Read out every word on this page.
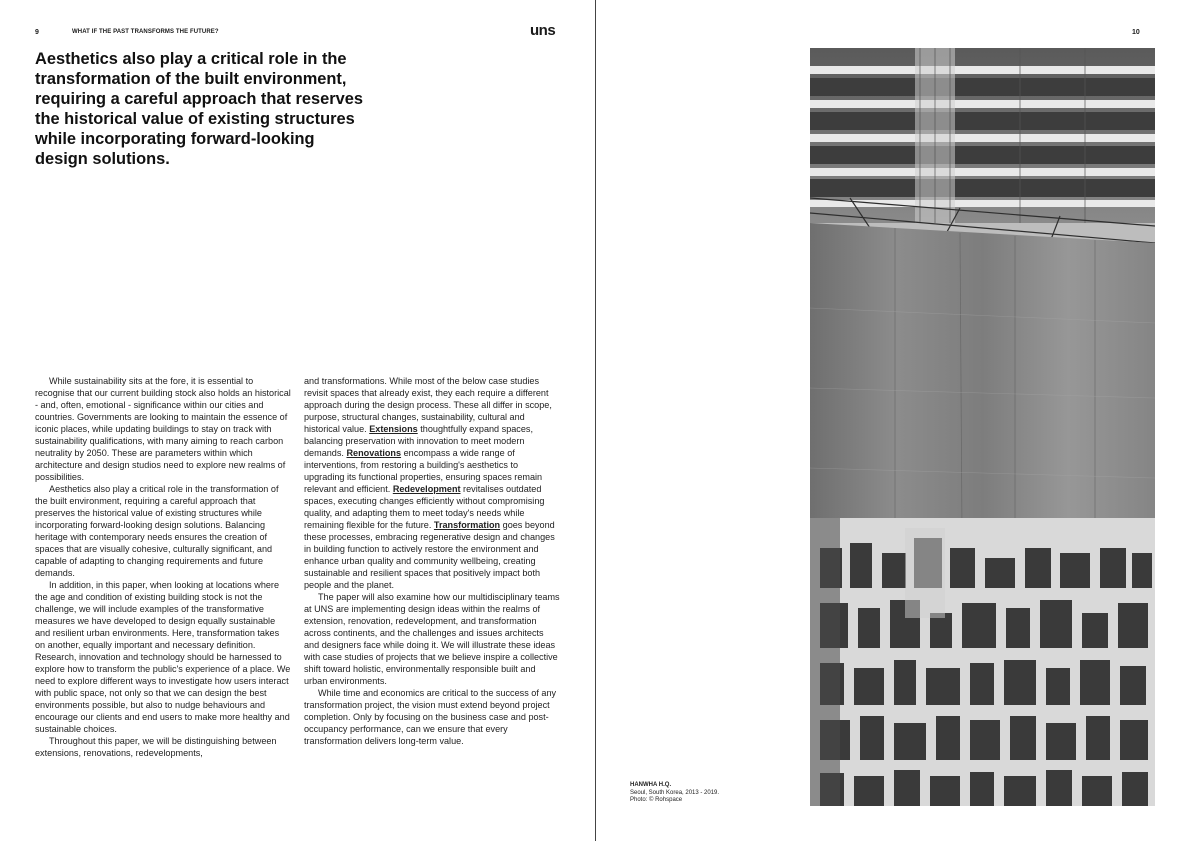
9	WHAT IF THE PAST TRANSFORMS THE FUTURE?	uns
Aesthetics also play a critical role in the transformation of the built environment, requiring a careful approach that reserves the historical value of existing structures while incorporating forward-looking design solutions.

While sustainability sits at the fore, it is essential to recognise that our current building stock also holds an historical - and, often, emotional - significance within our cities and countries. Governments are looking to maintain the essence of iconic places, while updating buildings to stay on track with sustainability qualifications, with many aiming to reach carbon neutrality by 2050. These are parameters within which architecture and design studios need to explore new realms of possibilities.

Aesthetics also play a critical role in the transformation of the built environment, requiring a careful approach that preserves the historical value of existing structures while incorporating forward-looking design solutions. Balancing heritage with contemporary needs ensures the creation of spaces that are visually cohesive, culturally significant, and capable of adapting to changing requirements and future demands.

In addition, in this paper, when looking at locations where the age and condition of existing building stock is not the challenge, we will include examples of the transformative measures we have developed to design equally sustainable and resilient urban environments. Here, transformation takes on another, equally important and necessary definition. Research, innovation and technology should be harnessed to explore how to transform the public's experience of a place. We need to explore different ways to investigate how users interact with public space, not only so that we can design the best environments possible, but also to nudge behaviours and encourage our clients and end users to make more healthy and sustainable choices.

Throughout this paper, we will be distinguishing between extensions, renovations, redevelopments,

and transformations. While most of the below case studies revisit spaces that already exist, they each require a different approach during the design process. These all differ in scope, purpose, structural changes, sustainability, cultural and historical value. Extensions thoughtfully expand spaces, balancing preservation with innovation to meet modern demands. Renovations encompass a wide range of interventions, from restoring a building's aesthetics to upgrading its functional properties, ensuring spaces remain relevant and efficient. Redevelopment revitalises outdated spaces, executing changes efficiently without compromising quality, and adapting them to meet today's needs while remaining flexible for the future. Transformation goes beyond these processes, embracing regenerative design and changes in building function to actively restore the environment and enhance urban quality and community wellbeing, creating sustainable and resilient spaces that positively impact both people and the planet.

The paper will also examine how our multidisciplinary teams at UNS are implementing design ideas within the realms of extension, renovation, redevelopment, and transformation across continents, and the challenges and issues architects and designers face while doing it. We will illustrate these ideas with case studies of projects that we believe inspire a collective shift toward holistic, environmentally responsible built and urban environments.

While time and economics are critical to the success of any transformation project, the vision must extend beyond project completion. Only by focusing on the business case and post-occupancy performance, can we ensure that every transformation delivers long-term value.

10
HANWHA H.Q.
Seoul, South Korea, 2013 - 2019.
Photo: © Rohspace
